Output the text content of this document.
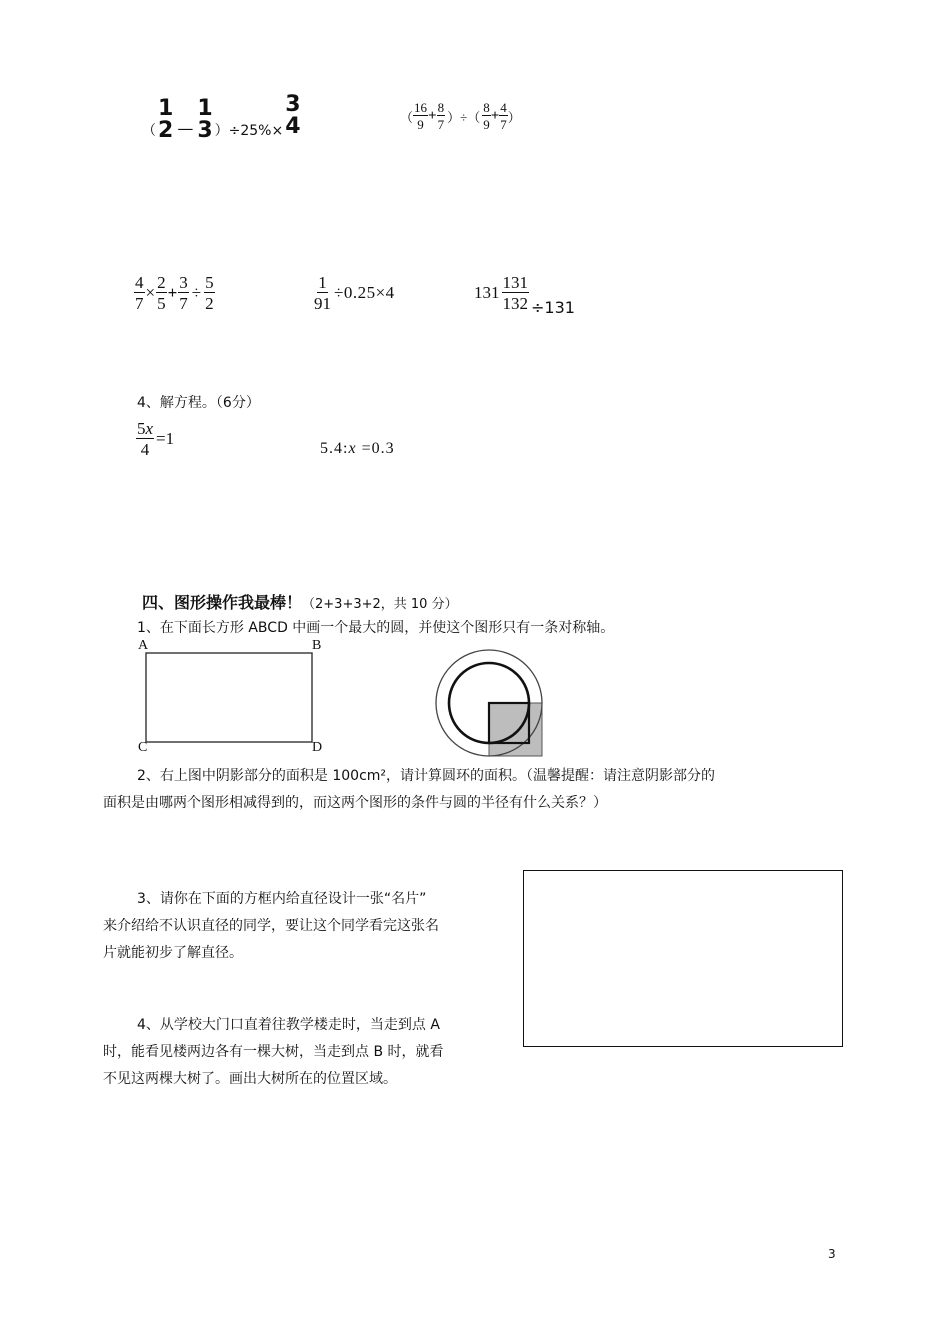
（
1
2 —
1
3 ）÷25%×
3
4	（ $\frac{16}{9} + \frac{8}{7}$ ）÷（ $\frac{8}{9} + \frac{4}{7}$ ）
$\frac{4}{7} \times \frac{2}{5} + \frac{3}{7} \div \frac{5}{2}$	$\frac{1}{91} \div 0.25\times 4$	$131 \frac{131}{132} \div 131$
4、解方程。（6分）
$\frac{5x}{4} =1$
5.4:x =0.3
四、图形操作我最棒！（2+3+3+2，共 10 分）
1、在下面长方形 ABCD 中画一个最大的圆，并使这个图形只有一条对称轴。
A	B
C	D
2、右上图中阴影部分的面积是 100cm²，请计算圆环的面积。（温馨提醒：请注意阴影部分的
面积是由哪两个图形相减得到的，而这两个图形的条件与圆的半径有什么关系？）
3、请你在下面的方框内给直径设计一张“名片”
来介绍给不认识直径的同学，要让这个同学看完这张名
片就能初步了解直径。
4、从学校大门口直着往教学楼走时，当走到点 A
时，能看见楼两边各有一棵大树，当走到点 B 时，就看
不见这两棵大树了。画出大树所在的位置区域。
3
